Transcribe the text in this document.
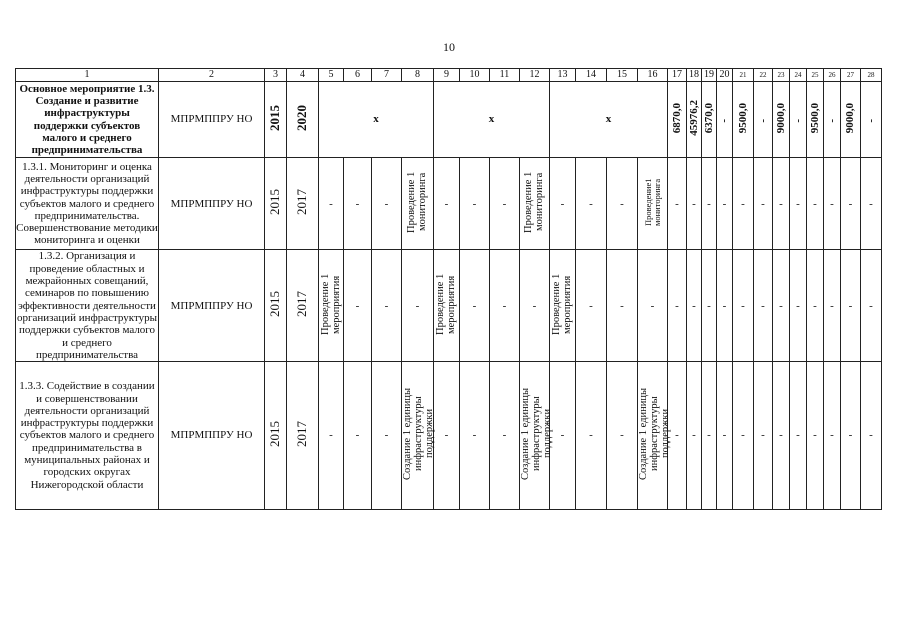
10
1	2	3	4	5	6	7	8	9	10	11	12	13	14	15	16	17	18	19	20	21	22	23	24	25	26	27	28
Основное мероприятие 1.3. Создание и развитие инфраструктуры поддержки субъектов малого и среднего предпринимательства	МПРМППРУ НО	2015	2020	х				х				х				6870,0	45976,2	6370,0	-	9500,0	-	9000,0	-	9500,0	-	9000,0	-
1.3.1. Мониторинг и оценка деятельности организаций инфраструктуры поддержки субъектов малого и среднего предпринимательства. Совершенствование методики мониторинга и оценки	МПРМППРУ НО	2015	2017	-	-	-	Проведение 1 мониторинга	-	-	-	Проведение 1 мониторинга	-	-	-	Проведение1 мониторинга	-	-	-	-	-	-	-	-	-	-	-	-
1.3.2. Организация и проведение областных и межрайонных совещаний, семинаров по повышению эффективности деятельности организаций инфраструктуры поддержки субъектов малого и среднего предпринимательства	МПРМППРУ НО	2015	2017	Проведение 1 мероприятия	-	-	-	Проведение 1 мероприятия	-	-	-	Проведение 1 мероприятия	-	-	-	-	-	-	-	-	-	-	-	-	-	-	-
1.3.3. Содействие в создании и совершенствовании деятельности организаций инфраструктуры поддержки субъектов малого и среднего предпринимательства в муниципальных районах и городских округах Нижегородской области	МПРМППРУ НО	2015	2017	-	-	-	Создание 1 единицы инфраструктуры поддержки	-	-	-	Создание 1 единицы инфраструктуры поддержки	-	-	-	Создание 1 единицы инфраструктуры поддержки	-	-	-	-	-	-	-	-	-	-	-	-
